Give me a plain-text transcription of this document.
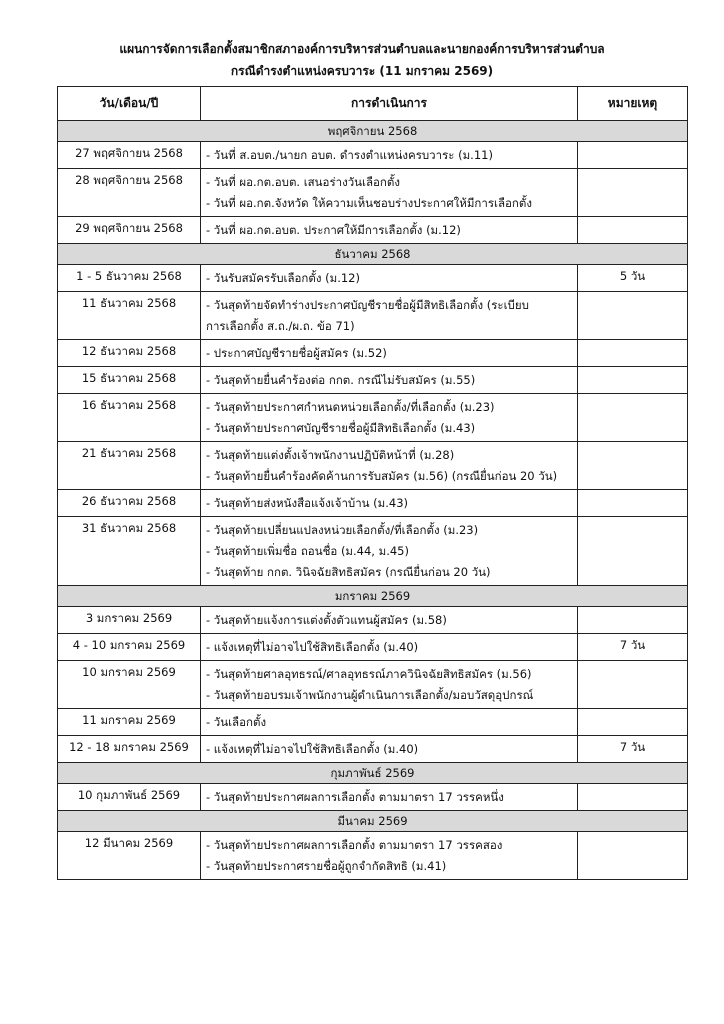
แผนการจัดการเลือกตั้งสมาชิกสภาองค์การบริหารส่วนตำบลและนายกองค์การบริหารส่วนตำบล
กรณีดำรงตำแหน่งครบวาระ (11 มกราคม 2569)
วัน/เดือน/ปี	การดำเนินการ	หมายเหตุ
พฤศจิกายน 2568		
27 พฤศจิกายน 2568	- วันที่ ส.อบต./นายก อบต. ดำรงตำแหน่งครบวาระ (ม.11)	

28 พฤศจิกายน 2568	- วันที่ ผอ.กต.อบต. เสนอร่างวันเลือกตั้ง
- วันที่ ผอ.กต.จังหวัด ให้ความเห็นชอบร่างประกาศให้มีการเลือกตั้ง	

29 พฤศจิกายน 2568	- วันที่ ผอ.กต.อบต. ประกาศให้มีการเลือกตั้ง (ม.12)	

ธันวาคม 2568		
1 - 5 ธันวาคม 2568	- วันรับสมัครรับเลือกตั้ง (ม.12)	5 วัน
11 ธันวาคม 2568	- วันสุดท้ายจัดทำร่างประกาศบัญชีรายชื่อผู้มีสิทธิเลือกตั้ง (ระเบียบ
การเลือกตั้ง ส.ถ./ผ.ถ. ข้อ 71)	

12 ธันวาคม 2568	- ประกาศบัญชีรายชื่อผู้สมัคร (ม.52)	

15 ธันวาคม 2568	- วันสุดท้ายยื่นคำร้องต่อ กกต. กรณีไม่รับสมัคร (ม.55)	

16 ธันวาคม 2568	- วันสุดท้ายประกาศกำหนดหน่วยเลือกตั้ง/ที่เลือกตั้ง (ม.23)
- วันสุดท้ายประกาศบัญชีรายชื่อผู้มีสิทธิเลือกตั้ง (ม.43)	

21 ธันวาคม 2568	- วันสุดท้ายแต่งตั้งเจ้าพนักงานปฏิบัติหน้าที่ (ม.28)
- วันสุดท้ายยื่นคำร้องคัดค้านการรับสมัคร (ม.56) (กรณียื่นก่อน 20 วัน)	

26 ธันวาคม 2568	- วันสุดท้ายส่งหนังสือแจ้งเจ้าบ้าน (ม.43)	

31 ธันวาคม 2568	- วันสุดท้ายเปลี่ยนแปลงหน่วยเลือกตั้ง/ที่เลือกตั้ง (ม.23)
- วันสุดท้ายเพิ่มชื่อ ถอนชื่อ (ม.44, ม.45)
- วันสุดท้าย กกต. วินิจฉัยสิทธิสมัคร (กรณียื่นก่อน 20 วัน)	

มกราคม 2569		
3 มกราคม 2569	- วันสุดท้ายแจ้งการแต่งตั้งตัวแทนผู้สมัคร (ม.58)	

4 - 10 มกราคม 2569	- แจ้งเหตุที่ไม่อาจไปใช้สิทธิเลือกตั้ง (ม.40)	7 วัน
10 มกราคม 2569	- วันสุดท้ายศาลอุทธรณ์/ศาลอุทธรณ์ภาควินิจฉัยสิทธิสมัคร (ม.56)
- วันสุดท้ายอบรมเจ้าพนักงานผู้ดำเนินการเลือกตั้ง/มอบวัสดุอุปกรณ์	

11 มกราคม 2569	- วันเลือกตั้ง	

12 - 18 มกราคม 2569	- แจ้งเหตุที่ไม่อาจไปใช้สิทธิเลือกตั้ง (ม.40)	7 วัน
กุมภาพันธ์ 2569		
10 กุมภาพันธ์ 2569	- วันสุดท้ายประกาศผลการเลือกตั้ง ตามมาตรา 17 วรรคหนึ่ง	

มีนาคม 2569		
12 มีนาคม 2569	- วันสุดท้ายประกาศผลการเลือกตั้ง ตามมาตรา 17 วรรคสอง
- วันสุดท้ายประกาศรายชื่อผู้ถูกจำกัดสิทธิ (ม.41)	
